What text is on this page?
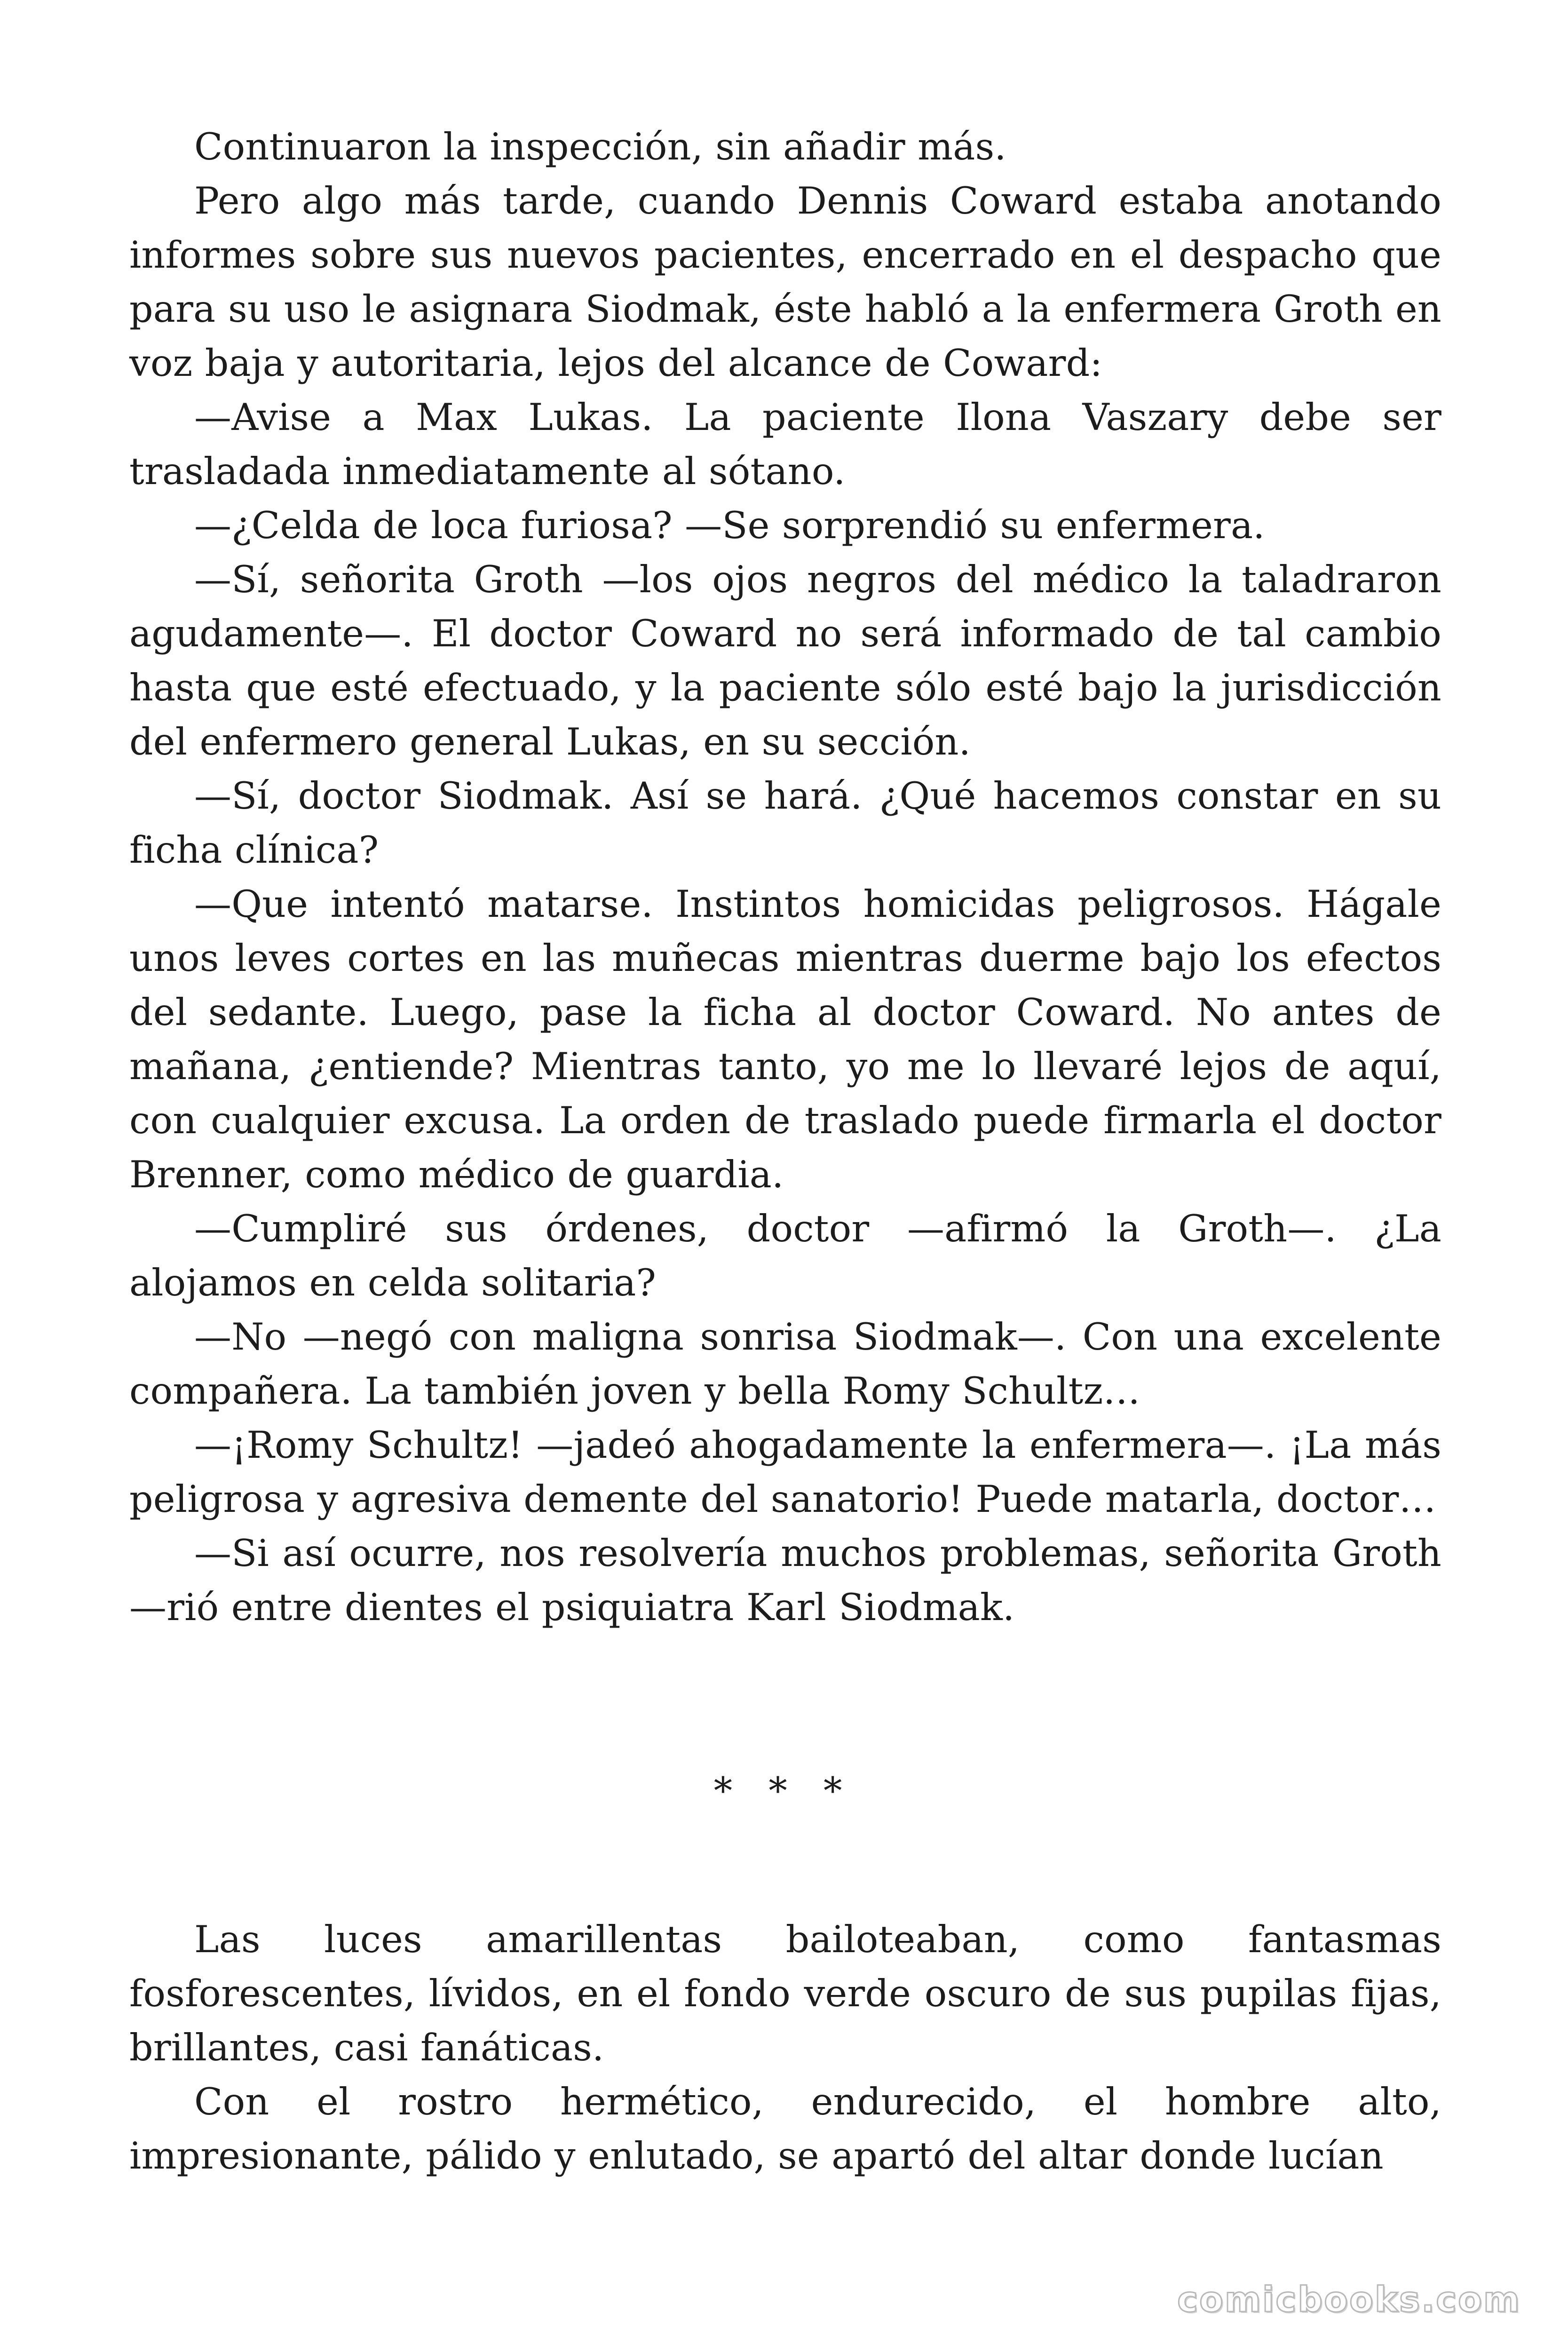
Continuaron la inspección, sin añadir más.

Pero algo más tarde, cuando Dennis Coward estaba anotando informes sobre sus nuevos pacientes, encerrado en el despacho que para su uso le asignara Siodmak, éste habló a la enfermera Groth en voz baja y autoritaria, lejos del alcance de Coward:

—Avise a Max Lukas. La paciente Ilona Vaszary debe ser trasladada inmediatamente al sótano.

—¿Celda de loca furiosa? —Se sorprendió su enfermera.

—Sí, señorita Groth —los ojos negros del médico la taladraron agudamente—. El doctor Coward no será informado de tal cambio hasta que esté efectuado, y la paciente sólo esté bajo la jurisdicción del enfermero general Lukas, en su sección.

—Sí, doctor Siodmak. Así se hará. ¿Qué hacemos constar en su ficha clínica?

—Que intentó matarse. Instintos homicidas peligrosos. Hágale unos leves cortes en las muñecas mientras duerme bajo los efectos del sedante. Luego, pase la ficha al doctor Coward. No antes de mañana, ¿entiende? Mientras tanto, yo me lo llevaré lejos de aquí, con cualquier excusa. La orden de traslado puede firmarla el doctor Brenner, como médico de guardia.

—Cumpliré sus órdenes, doctor —afirmó la Groth—. ¿La alojamos en celda solitaria?

—No —negó con maligna sonrisa Siodmak—. Con una excelente compañera. La también joven y bella Romy Schultz…

—¡Romy Schultz! —jadeó ahogadamente la enfermera—. ¡La más peligrosa y agresiva demente del sanatorio! Puede matarla, doctor…

—Si así ocurre, nos resolvería muchos problemas, señorita Groth —rió entre dientes el psiquiatra Karl Siodmak.

* * *

Las luces amarillentas bailoteaban, como fantasmas fosforescentes, lívidos, en el fondo verde oscuro de sus pupilas fijas, brillantes, casi fanáticas.

Con el rostro hermético, endurecido, el hombre alto, impresionante, pálido y enlutado, se apartó del altar donde lucían

comicbooks.com
